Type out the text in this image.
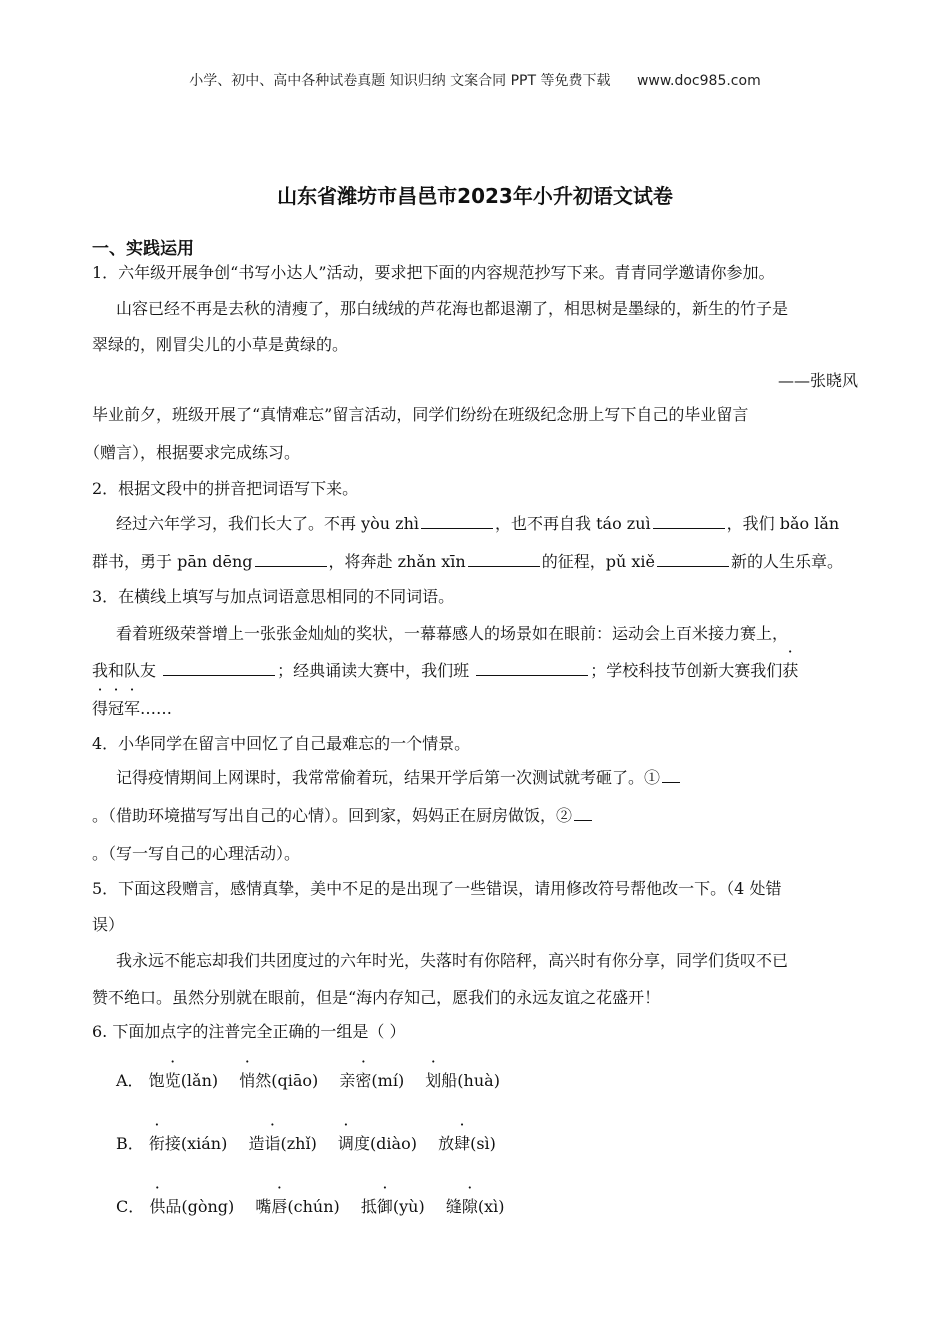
小学、初中、高中各种试卷真题 知识归纳 文案合同 PPT 等免费下载 www.doc985.com
山东省潍坊市昌邑市2023年小升初语文试卷
一、实践运用
1．六年级开展争创“书写小达人”活动，要求把下面的内容规范抄写下来。青青同学邀请你参加。
山容已经不再是去秋的清瘦了，那白绒绒的芦花海也都退潮了，相思树是墨绿的，新生的竹子是
翠绿的，刚冒尖儿的小草是黄绿的。
——张晓风
毕业前夕，班级开展了“真情难忘”留言活动，同学们纷纷在班级纪念册上写下自己的毕业留言
（赠言），根据要求完成练习。
2．根据文段中的拼音把词语写下来。
经过六年学习，我们长大了。不再 yòu zhì	，也不再自我 táo zuì	，我们 bǎo lǎn
群书，勇于 pān dēng	，将奔赴 zhǎn xīn	的征程，pǔ xiě	新的人生乐章。
3．在横线上填写与加点词语意思相同的不同词语。
看着班级荣誉增上一张张金灿灿的奖状，一幕幕感人的场景如在眼前：运动会上百米接力赛上，
我和队友	；经典诵读大赛中，我们班	；学校科技节创新大赛我们获
得冠军……
4．小华同学在留言中回忆了自己最难忘的一个情景。
记得疫情期间上网课时，我常常偷着玩，结果开学后第一次测试就考砸了。①
。（借助环境描写写出自己的心情）。回到家，妈妈正在厨房做饭，②
。（写一写自己的心理活动）。
5．下面这段赠言，感情真挚，美中不足的是出现了一些错误，请用修改符号帮他改一下。（4 处错
误）
我永远不能忘却我们共团度过的六年时光，失落时有你陪秤，高兴时有你分享，同学们货叹不已
赞不绝口。虽然分别就在眼前，但是“海内存知己，愿我们的永远友谊之花盛开！
6. 下面加点字的注普完全正确的一组是（ ）
A． 饱览(lǎn) 悄然(qiāo) 亲密(mí) 划船(huà)
B． 衔接(xián) 造诣(zhǐ) 调度(diào) 放肆(sì)
C． 供品(gòng) 嘴唇(chún) 抵御(yù) 缝隙(xì)
